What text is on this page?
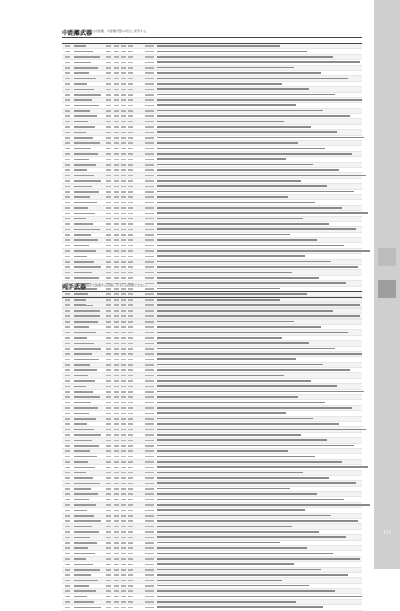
173
中距離武器
射程は中距離、中距離攻撃の判定に使用する。
両手武器 両手で装備する武器。片手には装備できない。
